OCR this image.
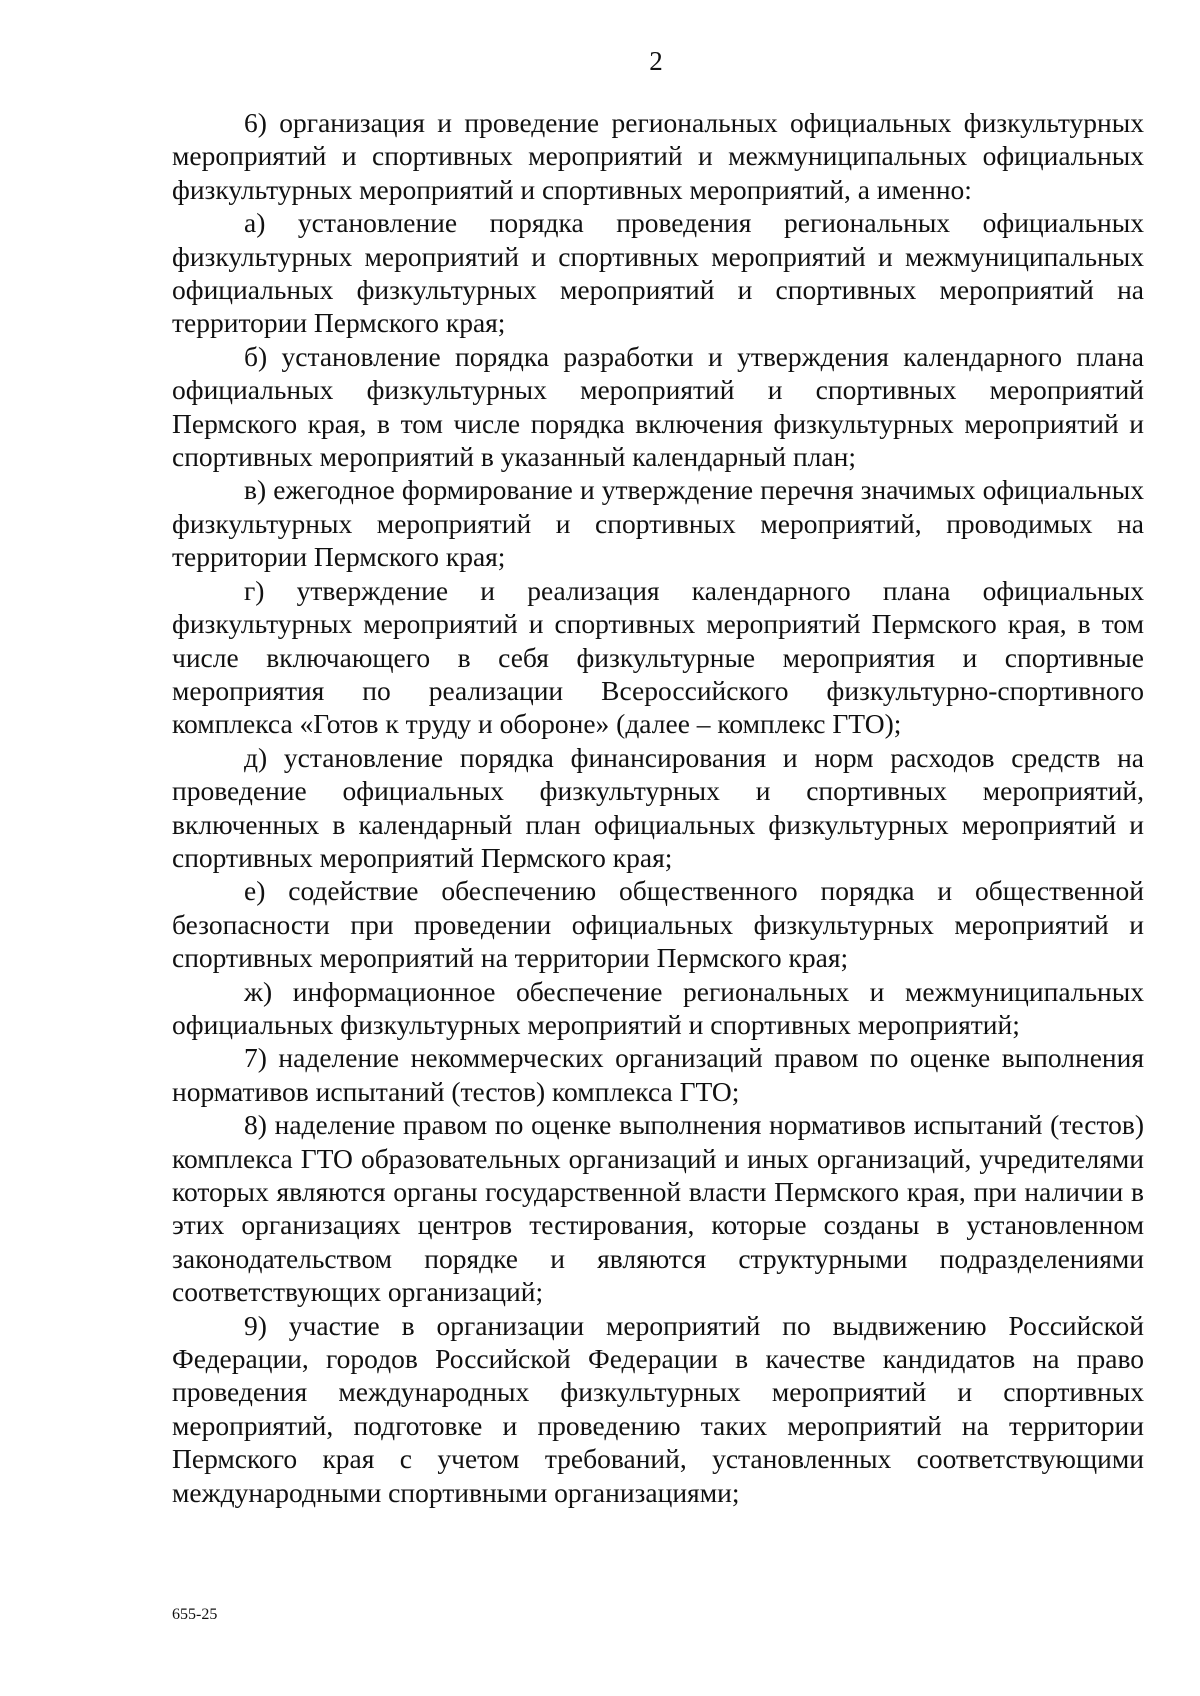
2

6) организация и проведение региональных официальных физкультурных мероприятий и спортивных мероприятий и межмуниципальных официальных физкультурных мероприятий и спортивных мероприятий, а именно:

а) установление порядка проведения региональных официальных физкультурных мероприятий и спортивных мероприятий и межмуниципальных официальных физкультурных мероприятий и спортивных мероприятий на территории Пермского края;

б) установление порядка разработки и утверждения календарного плана официальных физкультурных мероприятий и спортивных мероприятий Пермского края, в том числе порядка включения физкультурных мероприятий и спортивных мероприятий в указанный календарный план;

в) ежегодное формирование и утверждение перечня значимых официальных физкультурных мероприятий и спортивных мероприятий, проводимых на территории Пермского края;

г) утверждение и реализация календарного плана официальных физкультурных мероприятий и спортивных мероприятий Пермского края, в том числе включающего в себя физкультурные мероприятия и спортивные мероприятия по реализации Всероссийского физкультурно-спортивного комплекса «Готов к труду и обороне» (далее – комплекс ГТО);

д) установление порядка финансирования и норм расходов средств на проведение официальных физкультурных и спортивных мероприятий, включенных в календарный план официальных физкультурных мероприятий и спортивных мероприятий Пермского края;

е) содействие обеспечению общественного порядка и общественной безопасности при проведении официальных физкультурных мероприятий и спортивных мероприятий на территории Пермского края;

ж) информационное обеспечение региональных и межмуниципальных официальных физкультурных мероприятий и спортивных мероприятий;

7) наделение некоммерческих организаций правом по оценке выполнения нормативов испытаний (тестов) комплекса ГТО;

8) наделение правом по оценке выполнения нормативов испытаний (тестов) комплекса ГТО образовательных организаций и иных организаций, учредителями которых являются органы государственной власти Пермского края, при наличии в этих организациях центров тестирования, которые созданы в установленном законодательством порядке и являются структурными подразделениями соответствующих организаций;

9) участие в организации мероприятий по выдвижению Российской Федерации, городов Российской Федерации в качестве кандидатов на право проведения международных физкультурных мероприятий и спортивных мероприятий, подготовке и проведению таких мероприятий на территории Пермского края с учетом требований, установленных соответствующими международными спортивными организациями;

655-25
